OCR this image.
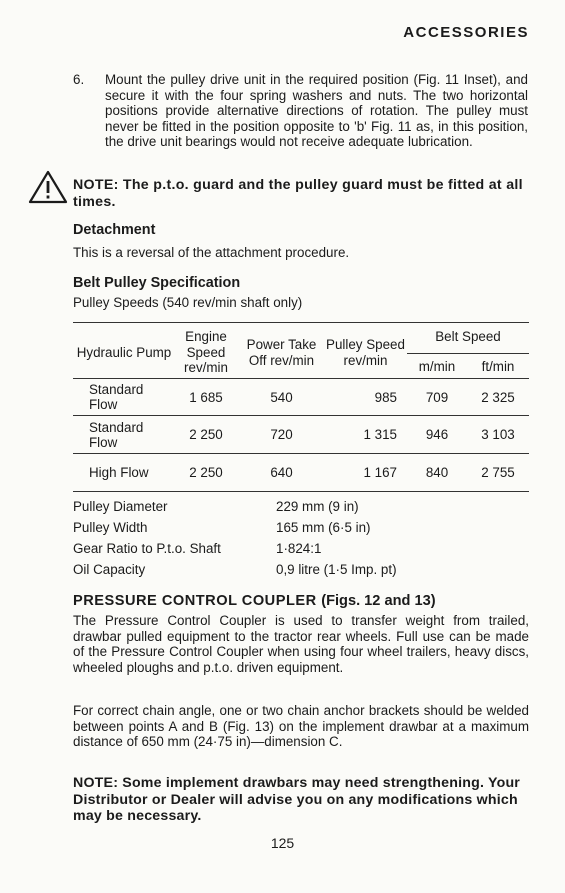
ACCESSORIES
6. Mount the pulley drive unit in the required position (Fig. 11 Inset), and secure it with the four spring washers and nuts. The two horizontal positions provide alternative directions of rotation. The pulley must never be fitted in the position opposite to 'b' Fig. 11 as, in this position, the drive unit bearings would not receive adequate lubrication.
NOTE: The p.t.o. guard and the pulley guard must be fitted at all times.
Detachment
This is a reversal of the attachment procedure.
Belt Pulley Specification
Pulley Speeds (540 rev/min shaft only)
Hydraulic Pump	Engine Speed rev/min	Power Take Off rev/min	Pulley Speed rev/min	Belt Speed	
				m/min	ft/min
Standard Flow	1 685	540	985	709	2 325
Standard Flow	2 250	720	1 315	946	3 103
High Flow	2 250	640	1 167	840	2 755
Pulley Diameter	229 mm (9 in)
Pulley Width	165 mm (6·5 in)
Gear Ratio to P.t.o. Shaft	1·824:1
Oil Capacity	0,9 litre (1·5 Imp. pt)
PRESSURE CONTROL COUPLER (Figs. 12 and 13)
The Pressure Control Coupler is used to transfer weight from trailed, drawbar pulled equipment to the tractor rear wheels. Full use can be made of the Pressure Control Coupler when using four wheel trailers, heavy discs, wheeled ploughs and p.t.o. driven equipment.
For correct chain angle, one or two chain anchor brackets should be welded between points A and B (Fig. 13) on the implement drawbar at a maximum distance of 650 mm (24·75 in)—dimension C.
NOTE: Some implement drawbars may need strengthening. Your Distributor or Dealer will advise you on any modifications which may be necessary.
125
